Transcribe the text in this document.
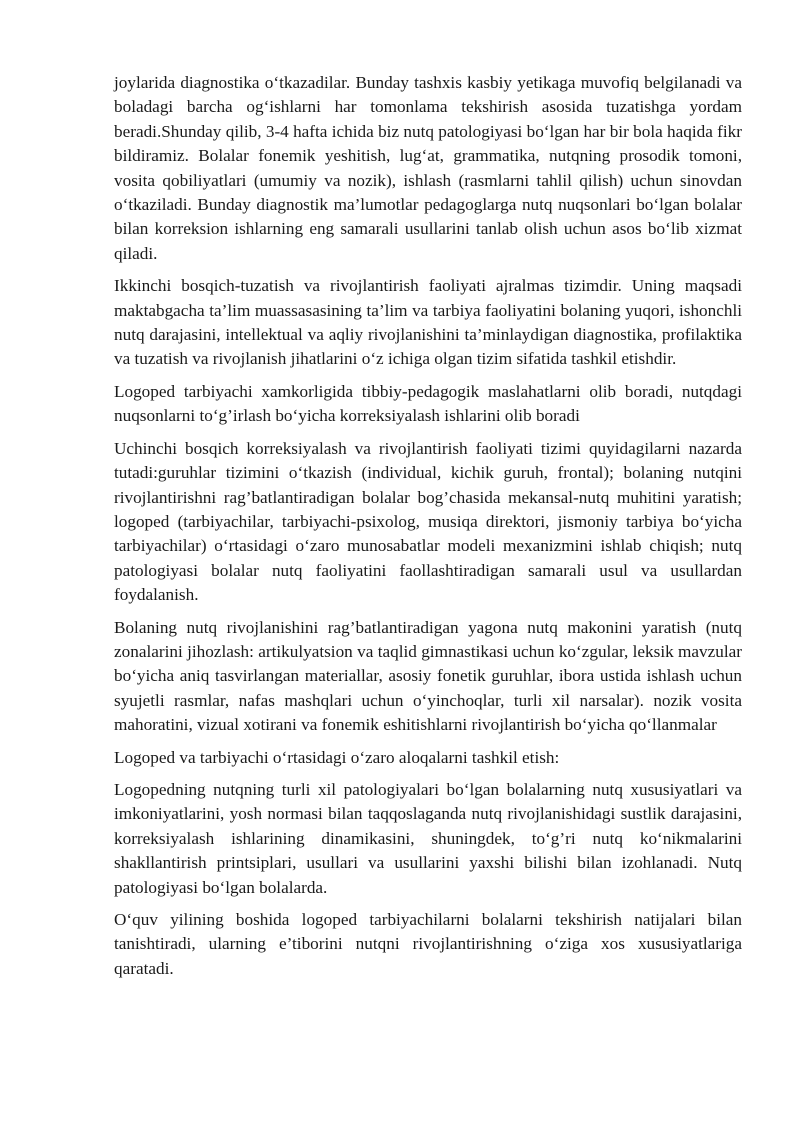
joylarida diagnostika o‘tkazadilar. Bunday tashxis kasbiy yetikaga muvofiq belgilanadi va boladagi barcha og‘ishlarni har tomonlama tekshirish asosida tuzatishga yordam beradi.Shunday qilib, 3-4 hafta ichida biz nutq patologiyasi bo‘lgan har bir bola haqida fikr bildiramiz. Bolalar fonemik yeshitish, lug‘at, grammatika, nutqning prosodik tomoni, vosita qobiliyatlari (umumiy va nozik), ishlash (rasmlarni tahlil qilish) uchun sinovdan o‘tkaziladi. Bunday diagnostik ma’lumotlar pedagoglarga nutq nuqsonlari bo‘lgan bolalar bilan korreksion ishlarning eng samarali usullarini tanlab olish uchun asos bo‘lib xizmat qiladi.

Ikkinchi bosqich-tuzatish va rivojlantirish faoliyati ajralmas tizimdir. Uning maqsadi maktabgacha ta’lim muassasasining ta’lim va tarbiya faoliyatini bolaning yuqori, ishonchli nutq darajasini, intellektual va aqliy rivojlanishini ta’minlaydigan diagnostika, profilaktika va tuzatish va rivojlanish jihatlarini o‘z ichiga olgan tizim sifatida tashkil etishdir.

Logoped tarbiyachi xamkorligida tibbiy-pedagogik maslahatlarni olib boradi, nutqdagi nuqsonlarni to‘g’irlash bo‘yicha korreksiyalash ishlarini olib boradi

Uchinchi bosqich korreksiyalash va rivojlantirish faoliyati tizimi quyidagilarni nazarda tutadi:guruhlar tizimini o‘tkazish (individual, kichik guruh, frontal); bolaning nutqini rivojlantirishni rag’batlantiradigan bolalar bog’chasida mekansal-nutq muhitini yaratish; logoped (tarbiyachilar, tarbiyachi-psixolog, musiqa direktori, jismoniy tarbiya bo‘yicha tarbiyachilar) o‘rtasidagi o‘zaro munosabatlar modeli mexanizmini ishlab chiqish; nutq patologiyasi bolalar nutq faoliyatini faollashtiradigan samarali usul va usullardan foydalanish.

Bolaning nutq rivojlanishini rag’batlantiradigan yagona nutq makonini yaratish (nutq zonalarini jihozlash: artikulyatsion va taqlid gimnastikasi uchun ko‘zgular, leksik mavzular bo‘yicha aniq tasvirlangan materiallar, asosiy fonetik guruhlar, ibora ustida ishlash uchun syujetli rasmlar, nafas mashqlari uchun o‘yinchoqlar, turli xil narsalar). nozik vosita mahoratini, vizual xotirani va fonemik eshitishlarni rivojlantirish bo‘yicha qo‘llanmalar

Logoped va tarbiyachi o‘rtasidagi o‘zaro aloqalarni tashkil etish:

Logopedning nutqning turli xil patologiyalari bo‘lgan bolalarning nutq xususiyatlari va imkoniyatlarini, yosh normasi bilan taqqoslaganda nutq rivojlanishidagi sustlik darajasini, korreksiyalash ishlarining dinamikasini, shuningdek, to‘g’ri nutq ko‘nikmalarini shakllantirish printsiplari, usullari va usullarini yaxshi bilishi bilan izohlanadi. Nutq patologiyasi bo‘lgan bolalarda.

O‘quv yilining boshida logoped tarbiyachilarni bolalarni tekshirish natijalari bilan tanishtiradi, ularning e’tiborini nutqni rivojlantirishning o‘ziga xos xususiyatlariga qaratadi.
